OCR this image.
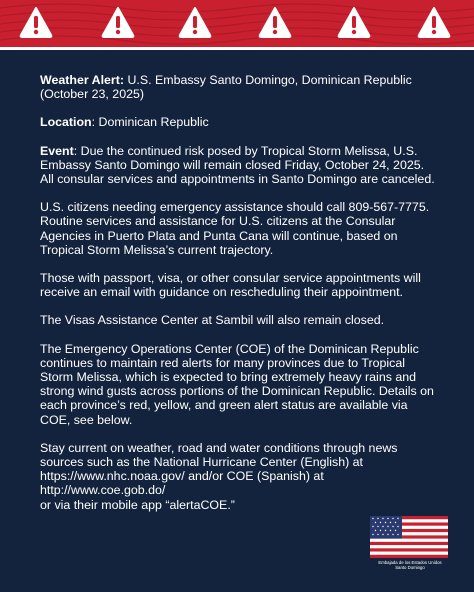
Weather Alert: U.S. Embassy Santo Domingo, Dominican Republic (October 23, 2025)

Location: Dominican Republic

Event: Due the continued risk posed by Tropical Storm Melissa, U.S. Embassy Santo Domingo will remain closed Friday, October 24, 2025. All consular services and appointments in Santo Domingo are canceled.

U.S. citizens needing emergency assistance should call 809-567-7775. Routine services and assistance for U.S. citizens at the Consular Agencies in Puerto Plata and Punta Cana will continue, based on Tropical Storm Melissa’s current trajectory.

Those with passport, visa, or other consular service appointments will receive an email with guidance on rescheduling their appointment.

The Visas Assistance Center at Sambil will also remain closed.

The Emergency Operations Center (COE) of the Dominican Republic continues to maintain red alerts for many provinces due to Tropical Storm Melissa, which is expected to bring extremely heavy rains and strong wind gusts across portions of the Dominican Republic. Details on each province’s red, yellow, and green alert status are available via COE, see below.

Stay current on weather, road and water conditions through news sources such as the National Hurricane Center (English) at
https://www.nhc.noaa.gov/ and/or COE (Spanish) at
http://www.coe.gob.do/
or via their mobile app “alertaCOE.”

Embajada de los Estados Unidos
Santo Domingo
